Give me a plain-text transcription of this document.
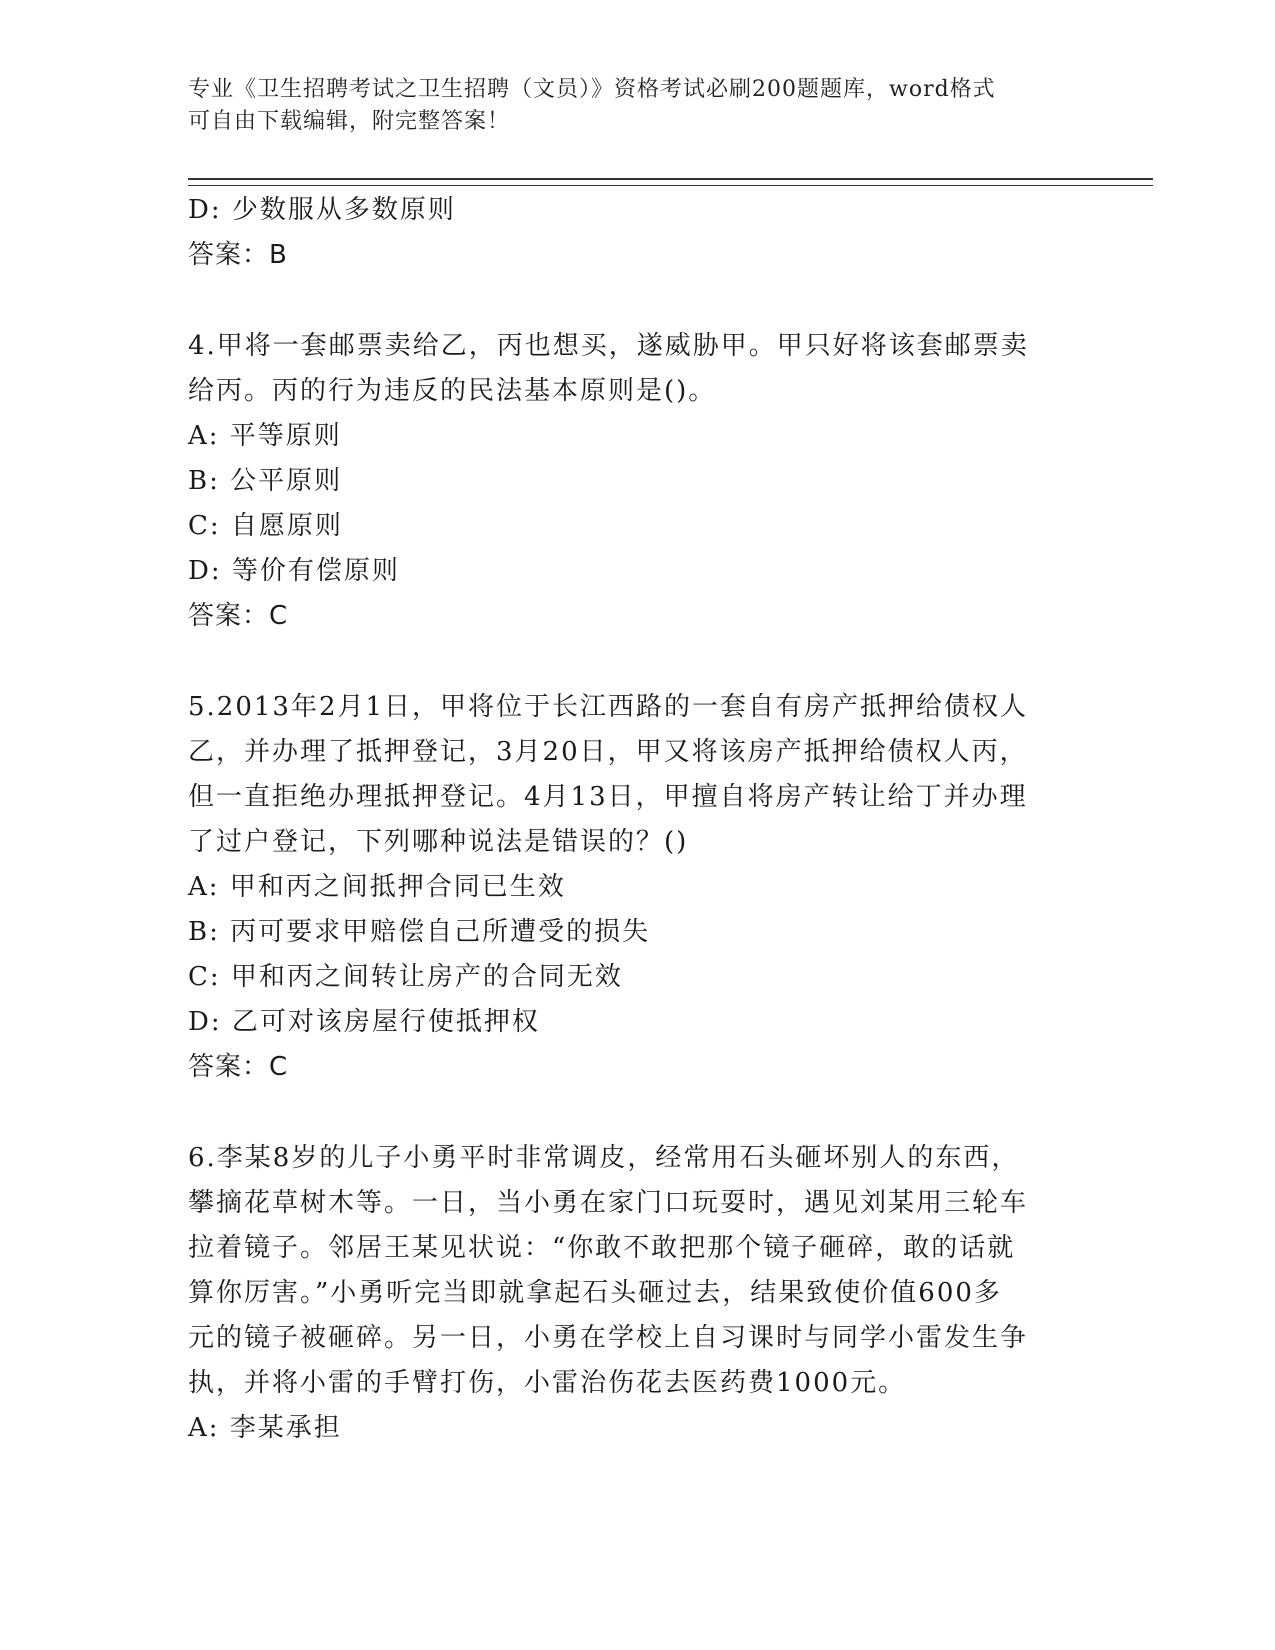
专业《卫生招聘考试之卫生招聘（文员）》资格考试必刷200题题库，word格式
可自由下载编辑，附完整答案！
D: 少数服从多数原则
答案：B
4.甲将一套邮票卖给乙，丙也想买，遂威胁甲。甲只好将该套邮票卖
给丙。丙的行为违反的民法基本原则是()。
A: 平等原则
B: 公平原则
C: 自愿原则
D: 等价有偿原则
答案：C
5.2013年2月1日，甲将位于长江西路的一套自有房产抵押给债权人
乙，并办理了抵押登记，3月20日，甲又将该房产抵押给债权人丙，
但一直拒绝办理抵押登记。4月13日，甲擅自将房产转让给丁并办理
了过户登记，下列哪种说法是错误的？()
A: 甲和丙之间抵押合同已生效
B: 丙可要求甲赔偿自己所遭受的损失
C: 甲和丙之间转让房产的合同无效
D: 乙可对该房屋行使抵押权
答案：C
6.李某8岁的儿子小勇平时非常调皮，经常用石头砸坏别人的东西，
攀摘花草树木等。一日，当小勇在家门口玩耍时，遇见刘某用三轮车
拉着镜子。邻居王某见状说：“你敢不敢把那个镜子砸碎，敢的话就
算你厉害。”小勇听完当即就拿起石头砸过去，结果致使价值600多
元的镜子被砸碎。另一日，小勇在学校上自习课时与同学小雷发生争
执，并将小雷的手臂打伤，小雷治伤花去医药费1000元。
A: 李某承担
